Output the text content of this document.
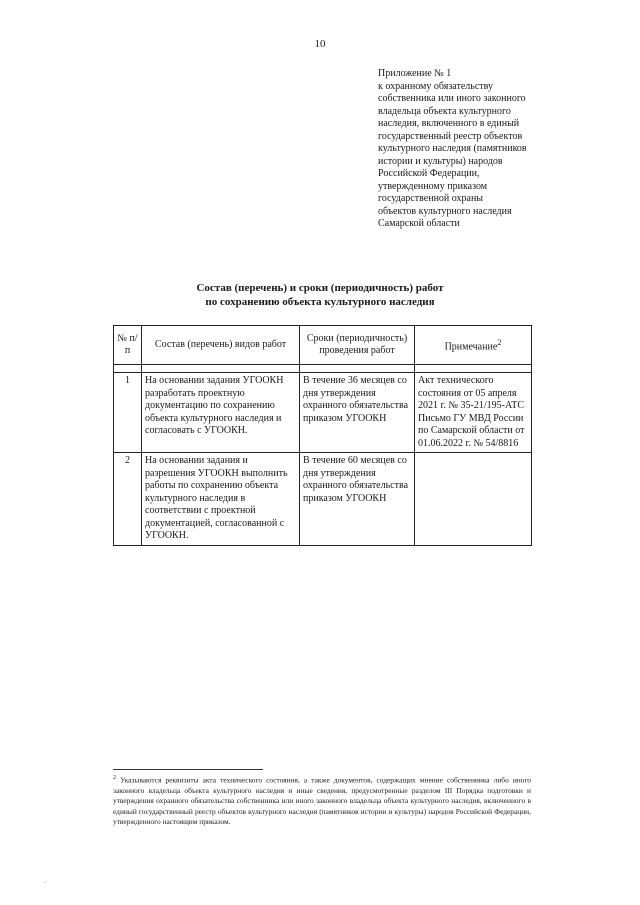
10
Приложение № 1
к охранному обязательству
собственника или иного законного
владельца объекта культурного
наследия, включенного в единый
государственный реестр объектов
культурного наследия (памятников
истории и культуры) народов
Российской Федерации,
утвержденному приказом
государственной охраны
объектов культурного наследия
Самарской области
Состав (перечень) и сроки (периодичность) работ
по сохранению объекта культурного наследия
№ п/п	Состав (перечень) видов работ	Сроки (периодичность) проведения работ	Примечание$^2$

1	На основании задания УГООКН разработать проектную документацию по сохранению объекта культурного наследия и согласовать с УГООКН.	В течение 36 месяцев со дня утверждения охранного обязательства приказом УГООКН	Акт технического состояния от 05 апреля 2021 г. № 35-21/195-АТС Письмо ГУ МВД России по Самарской области от 01.06.2022 г. № 54/8816
2	На основании задания и разрешения УГООКН выполнить работы по сохранению объекта культурного наследия в соответствии с проектной документацией, согласованной с УГООКН.	В течение 60 месяцев со дня утверждения охранного обязательства приказом УГООКН	
$^2$ Указываются реквизиты акта технического состояния, а также документов, содержащих мнение собственника либо иного законного владельца объекта культурного наследия и иные сведения, предусмотренные разделом III Порядка подготовки и утверждения охранного обязательства собственника или иного законного владельца объекта культурного наследия, включенного в единый государственный реестр объектов культурного наследия (памятников истории и культуры) народов Российской Федерации, утвержденного настоящим приказом.
.
